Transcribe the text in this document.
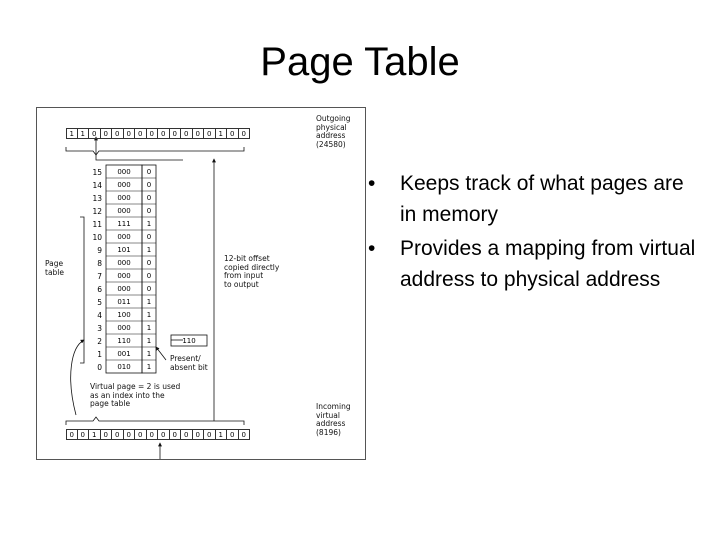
Page Table
1 1	0	0	0	0	0	0	0	0	0	0	0	1	0	0
0 0	1	0	0	0	0	0	0	0	0	0	0	1	0	0
15	000	0
14	000	0
13	000	0
12	000	0
11	111	1
10	000	0
9	101	1
8	000	0
7	000	0
6	000	0
5	011	1
4	100	1
3	000	1
2	110	1
1	001	1
0	010	1
110
Outgoing
physical
address
(24580)
Incoming
virtual
address
(8196)
Page
table
12-bit offset
copied directly
from input
to output
Present/
absent bit
Virtual page = 2 is used
as an index into the
page table
• Keeps track of what pages are in memory
• Provides a mapping from virtual address to physical address
